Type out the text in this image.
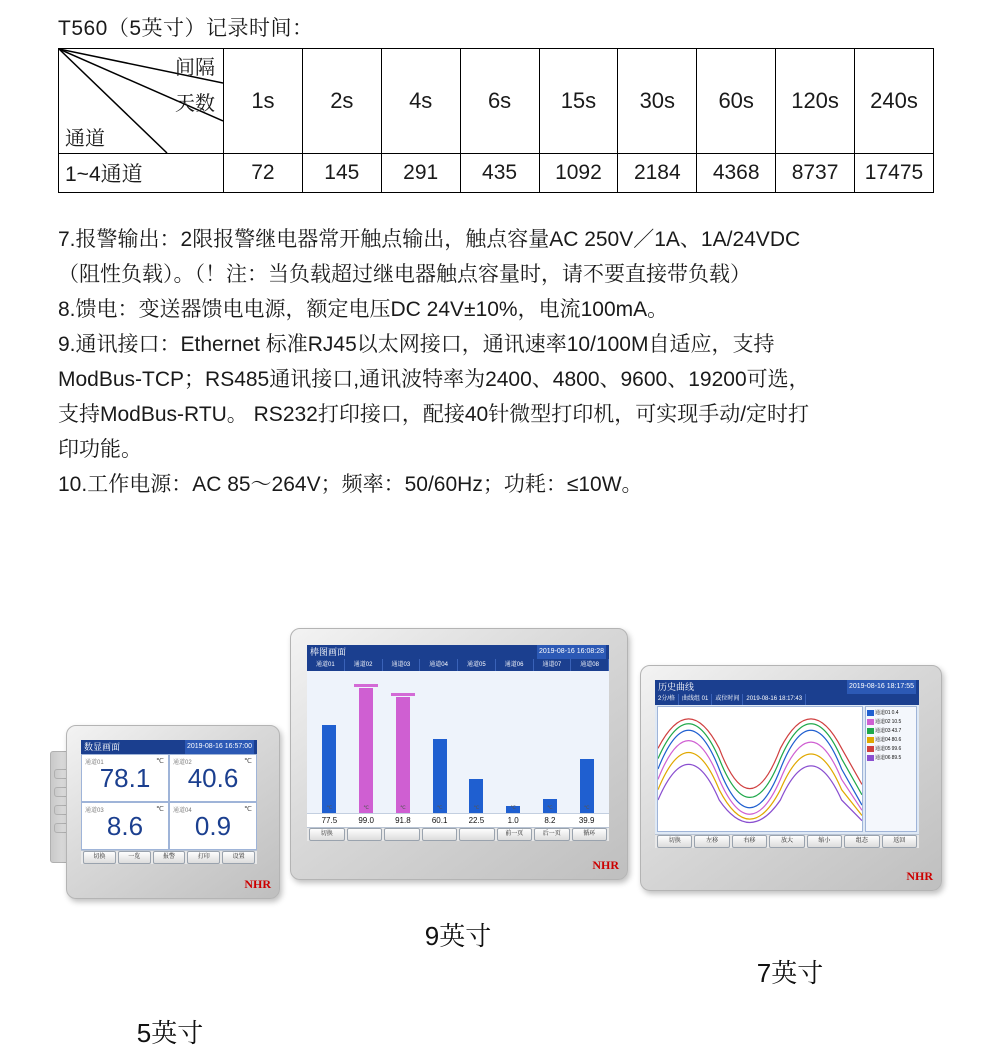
T560（5英寸）记录时间：
间隔
天数
通道	1s	2s	4s	6s	15s	30s	60s	120s	240s
1~4通道	72	145	291	435	1092	2184	4368	8737	17475

7.报警输出：2限报警继电器常开触点输出，触点容量AC 250V／1A、1A/24VDC

（阻性负载）。（！注：当负载超过继电器触点容量时，请不要直接带负载）

8.馈电：变送器馈电电源，额定电压DC 24V±10%，电流100mA。

9.通讯接口：Ethernet 标准RJ45以太网接口，通讯速率10/100M自适应，支持

ModBus-TCP；RS485通讯接口,通讯波特率为2400、4800、9600、19200可选，

支持ModBus-RTU。 RS232打印接口，配接40针微型打印机，可实现手动/定时打

印功能。

10.工作电源：AC 85～264V；频率：50/60Hz；功耗：≤10W。

数显画面	2019-08-16 16:57:00
通道01	℃
78.1	通道02	℃
40.6
通道03	℃
8.6	通道04	℃
0.9
切换	一览	报警	打印	设置
NHR
5英寸
棒图画面	2019-08-16 16:08:28
通道01	通道02	通道03	通道04	通道05	通道06	通道07	通道08
℃	℃	℃	℃	℃	℃	℃	℃
77.5	99.0	91.8	60.1	22.5	1.0	8.2	39.9
切换	前一页	后一页	循环
NHR
9英寸
历史曲线	2019-08-16 18:17:55
2分/格	曲线组 01	或位时间	2019-08-16 18:17:43
通道01 0.4
通道02 10.5
通道03 43.7
通道04 80.6
通道05 99.6
通道06 89.5
切换	左移	右移	放大	缩小	组态	返回
NHR
7英寸
